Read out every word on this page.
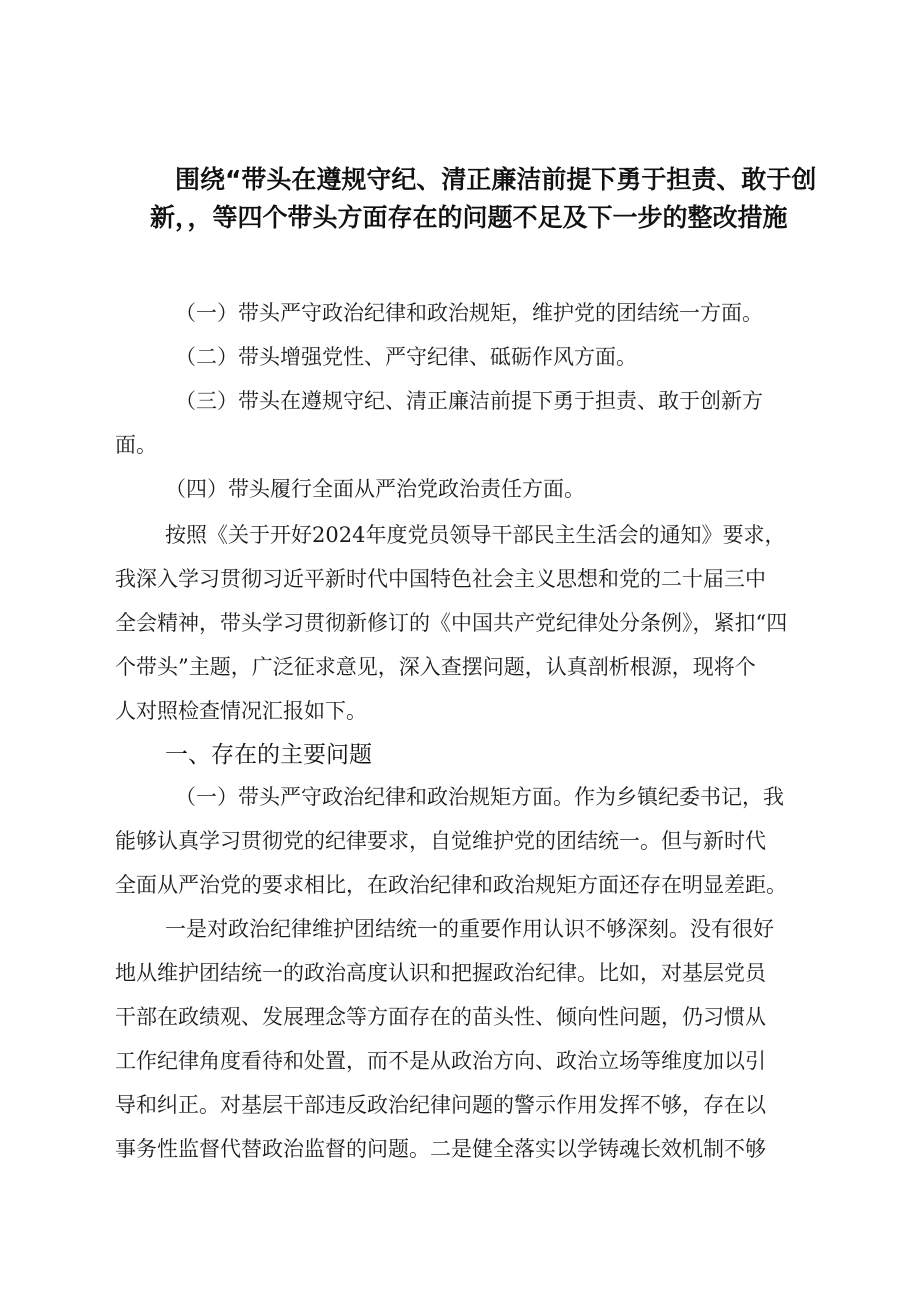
围绕“带头在遵规守纪、清正廉洁前提下勇于担责、敢于创
新，，等四个带头方面存在的问题不足及下一步的整改措施
（一）带头严守政治纪律和政治规矩，维护党的团结统一方面。
（二）带头增强党性、严守纪律、砥砺作风方面。
（三）带头在遵规守纪、清正廉洁前提下勇于担责、敢于创新方
面。
（四）带头履行全面从严治党政治责任方面。
按照《关于开好2024年度党员领导干部民主生活会的通知》要求，
我深入学习贯彻习近平新时代中国特色社会主义思想和党的二十届三中
全会精神，带头学习贯彻新修订的《中国共产党纪律处分条例》，紧扣“四
个带头”主题，广泛征求意见，深入查摆问题，认真剖析根源，现将个
人对照检查情况汇报如下。
一、存在的主要问题
（一）带头严守政治纪律和政治规矩方面。作为乡镇纪委书记，我
能够认真学习贯彻党的纪律要求，自觉维护党的团结统一。但与新时代
全面从严治党的要求相比，在政治纪律和政治规矩方面还存在明显差距。
一是对政治纪律维护团结统一的重要作用认识不够深刻。没有很好
地从维护团结统一的政治高度认识和把握政治纪律。比如，对基层党员
干部在政绩观、发展理念等方面存在的苗头性、倾向性问题，仍习惯从
工作纪律角度看待和处置，而不是从政治方向、政治立场等维度加以引
导和纠正。对基层干部违反政治纪律问题的警示作用发挥不够，存在以
事务性监督代替政治监督的问题。二是健全落实以学铸魂长效机制不够
